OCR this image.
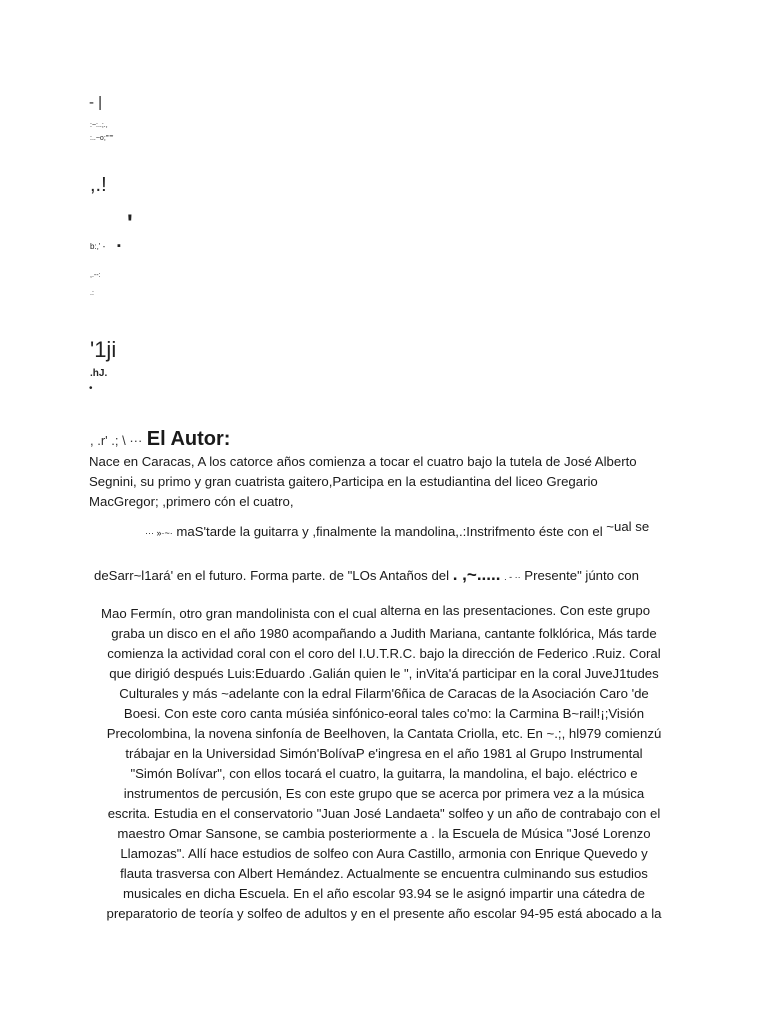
- |
:~:..;.,
:..~o;"''"
,.!
'
b:,' - ▪
,.--:
.:
'1ji
.hJ.
•
, .r' .; \ ··· El Autor:
Nace en Caracas, A los catorce años comienza a tocar el cuatro bajo la tutela de José Alberto
Segnini, su primo y gran cuatrista gaitero,Participa en la estudiantina del liceo Gregario
MacGregor; ,primero cón el cuatro,
··· »·~· maS'tarde la guitarra y ,finalmente la mandolina,.:Instrifmento éste con el ~ual se
deSarr~l1ará' en el futuro. Forma parte. de "LOs Antaños del . ,~..... . - ·· Presente" júnto con
Mao Fermín, otro gran mandolinista con el cual alterna en las presentaciones. Con este grupo
graba un disco en el año 1980 acompañando a Judith Mariana, cantante folklórica, Más tarde
comienza la actividad coral con el coro del I.U.T.R.C. bajo la dirección de Federico .Ruiz. Coral
que dirigió después Luis:Eduardo .Galián quien le ", inVita'á participar en la coral JuveJ1tudes
Culturales y más ~adelante con la edral Filarm'6ñica de Caracas de la Asociación Caro 'de
Boesi. Con este coro canta músiéa sinfónico-eoral tales co'mo: la Carmina B~rail!¡;Visión
Precolombina, la novena sinfonía de Beelhoven, la Cantata Criolla, etc. En ~.;, hl979 comienzú
trábajar en la Universidad Simón'BolívaP e'ingresa en el año 1981 al Grupo Instrumental
"Simón Bolívar", con ellos tocará el cuatro, la guitarra, la mandolina, el bajo. eléctrico e
instrumentos de percusión, Es con este grupo que se acerca por primera vez a la música
escrita. Estudia en el conservatorio "Juan José Landaeta" solfeo y un año de contrabajo con el
maestro Omar Sansone, se cambia posteriormente a . la Escuela de Música "José Lorenzo
Llamozas". Allí hace estudios de solfeo con Aura Castillo, armonia con Enrique Quevedo y
flauta trasversa con Albert Hemández. Actualmente se encuentra culminando sus estudios
musicales en dicha Escuela. En el año escolar 93.94 se le asignó impartir una cátedra de
preparatorio de teoría y solfeo de adultos y en el presente año escolar 94-95 está abocado a la
